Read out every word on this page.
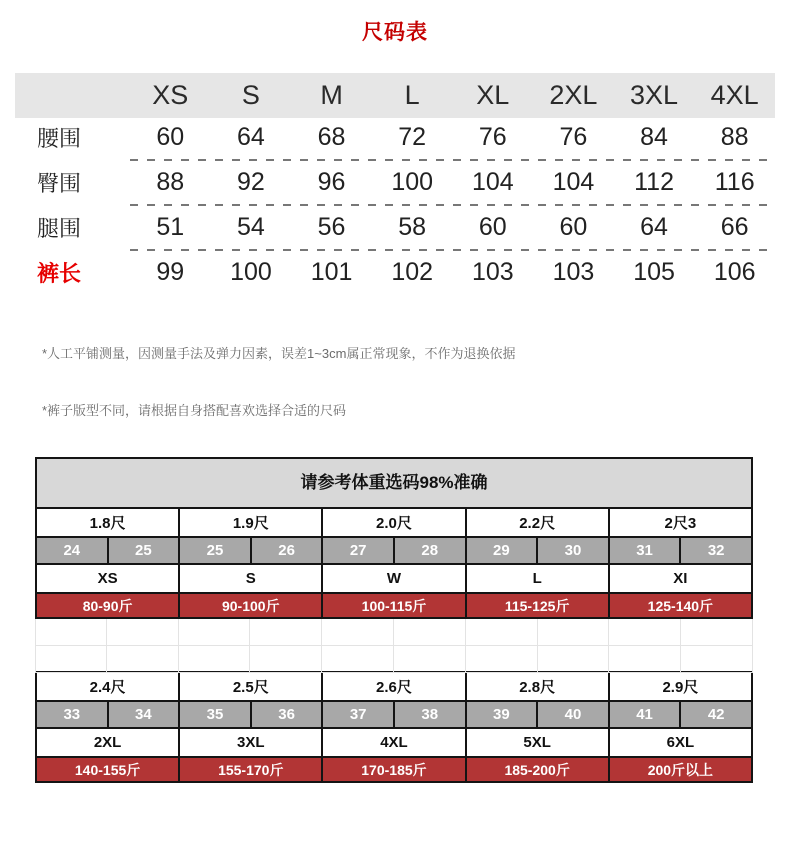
尺码表
	XS	S	M	L	XL	2XL	3XL	4XL
腰围	60	64	68	72	76	76	84	88

臀围	88	92	96	100	104	104	112	116

腿围	51	54	56	58	60	60	64	66

裤长	99	100	101	102	103	103	105	106

*人工平铺测量，因测量手法及弹力因素，误差1~3cm属正常现象，不作为退换依据

*裤子版型不同，请根据自身搭配喜欢选择合适的尺码

请参考体重选码98%准确
1.8尺		1.9尺		2.0尺		2.2尺		2尺3	
24	25	25	26	27	28	29	30	31	32
XS		S		W		L		XI	
80-90斤		90-100斤		100-115斤		115-125斤		125-140斤	
2.4尺		2.5尺		2.6尺		2.8尺		2.9尺	
33	34	35	36	37	38	39	40	41	42
2XL		3XL		4XL		5XL		6XL	
140-155斤		155-170斤		170-185斤		185-200斤		200斤以上	
